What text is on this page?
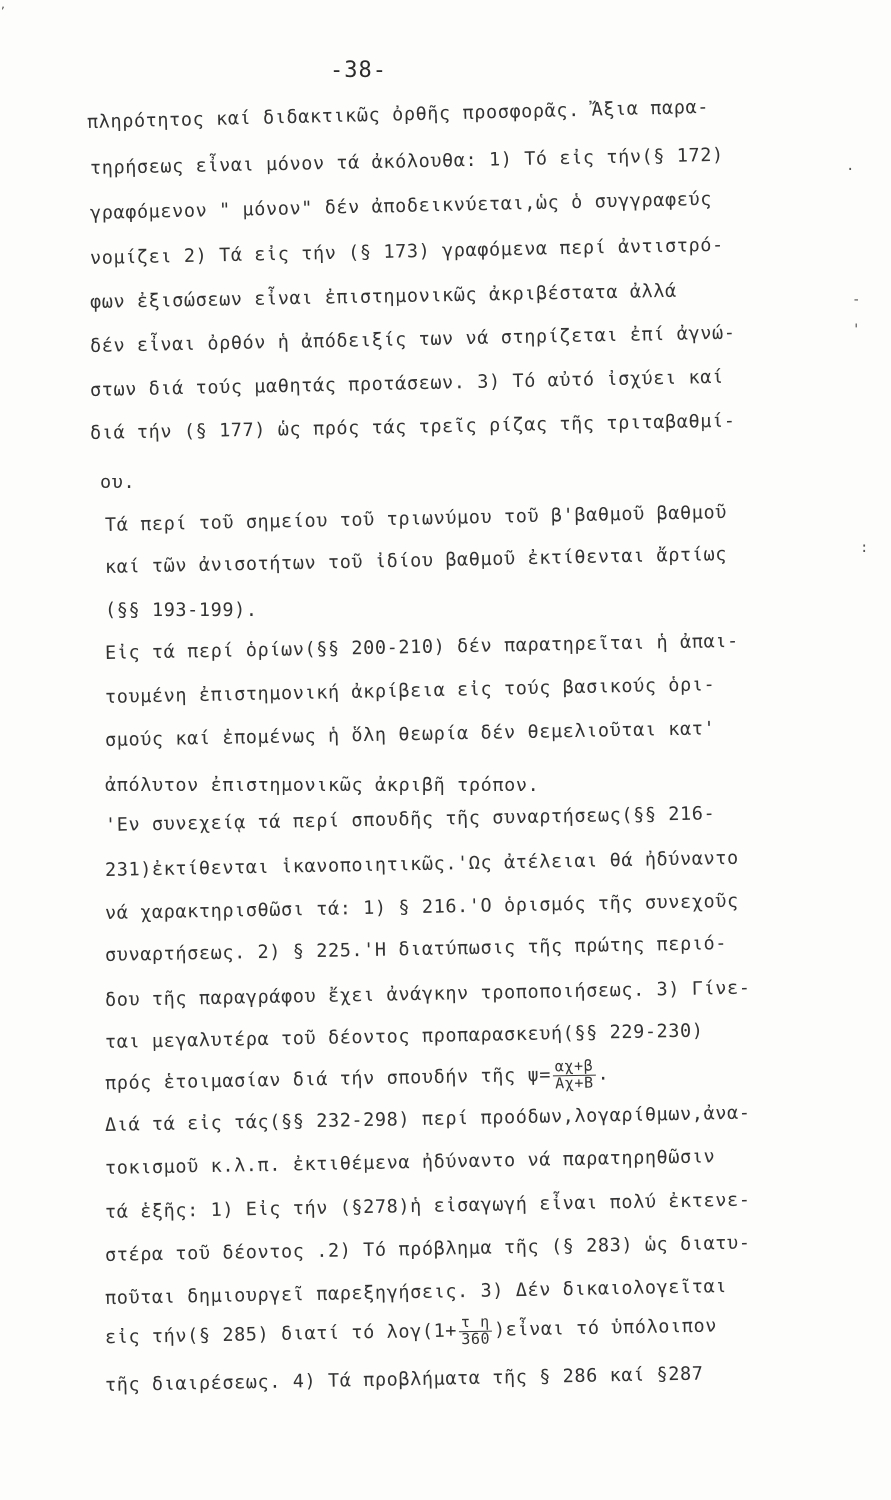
-38-
πληρότητος καί διδακτικῶς ὀρθῆς προσφορᾶς. Ἄξια παρα-
τηρήσεως εἶναι μόνον τά ἀκόλουθα: 1) Τό εἰς τήν(§ 172)
γραφόμενον " μόνον" δέν ἀποδεικνύεται,ὡς ὁ συγγραφεύς
νομίζει 2) Τά εἰς τήν (§ 173) γραφόμενα περί ἀντιστρό-
φων ἐξισώσεων εἶναι ἐπιστημονικῶς ἀκριβέστατα ἀλλά
δέν εἶναι ὀρθόν ἡ ἀπόδειξίς των νά στηρίζεται ἐπί ἀγνώ-
στων διά τούς μαθητάς προτάσεων. 3) Τό αὐτό ἰσχύει καί
διά τήν (§ 177) ὡς πρός τάς τρεῖς ρίζας τῆς τριταβαθμί-
ου.
Τά περί τοῦ σημείου τοῦ τριωνύμου τοῦ β'βαθμοῦ βαθμοῦ
καί τῶν ἀνισοτήτων τοῦ ἰδίου βαθμοῦ ἐκτίθενται ἄρτίως
(§§ 193-199).
Εἰς τά περί ὁρίων(§§ 200-210) δέν παρατηρεῖται ἡ ἀπαι-
τουμένη ἐπιστημονική ἀκρίβεια εἰς τούς βασικούς ὁρι-
σμούς καί ἐπομένως ἡ ὅλη θεωρία δέν θεμελιοῦται κατ'
ἀπόλυτον ἐπιστημονικῶς ἀκριβῆ τρόπον.
'Εν συνεχείᾳ τά περί σπουδῆς τῆς συναρτήσεως(§§ 216-
231)ἐκτίθενται ἱκανοποιητικῶς.'Ως ἀτέλειαι θά ἠδύναντο
νά χαρακτηρισθῶσι τά: 1) § 216.'Ο ὁρισμός τῆς συνεχοῦς
συναρτήσεως. 2) § 225.'Η διατύπωσις τῆς πρώτης περιό-
δου τῆς παραγράφου ἔχει ἀνάγκην τροποποιήσεως. 3) Γίνε-
ται μεγαλυτέρα τοῦ δέοντος προπαρασκευή(§§ 229-230)
πρός ἑτοιμασίαν διά τήν σπουδήν τῆς $\psi= \frac{\alpha\chi+\beta}{A\chi+B}$ .
Διά τά εἰς τάς(§§ 232-298) περί προόδων,λογαρίθμων,ἀνα-
τοκισμοῦ κ.λ.π. ἐκτιθέμενα ἠδύναντο νά παρατηρηθῶσιν
τά ἑξῆς: 1) Εἰς τήν (§278)ἡ εἰσαγωγή εἶναι πολύ ἐκτενε-
στέρα τοῦ δέοντος .2) Τό πρόβλημα τῆς (§ 283) ὡς διατυ-
ποῦται δημιουργεῖ παρεξηγήσεις. 3) Δέν δικαιολογεῖται
εἰς τήν(§ 285) διατί τό $\lambda o\gamma(1+ \frac{\text{τ η}}{360}$ )εἶναι τό ὑπόλοιπον
τῆς διαιρέσεως. 4) Τά προβλήματα τῆς § 286 καί §287
.
-
'
:
,
